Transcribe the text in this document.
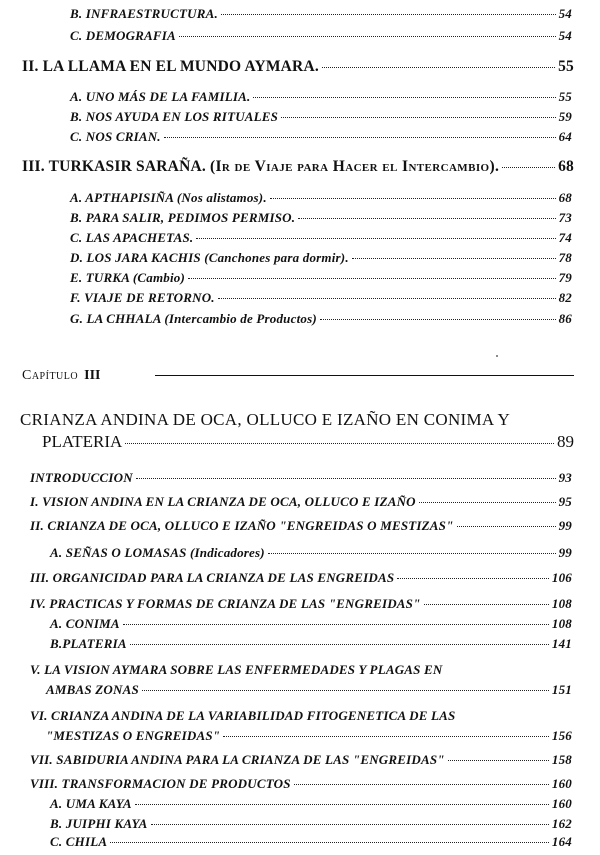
B. INFRAESTRUCTURA.	54
C. DEMOGRAFIA	54
II. LA LLAMA EN EL MUNDO AYMARA.	55
A. UNO MÁS DE LA FAMILIA.	55
B. NOS AYUDA EN LOS RITUALES	59
C. NOS CRIAN.	64
III. TURKASIR SARAÑA. (Ir de Viaje para Hacer el Intercambio).	68
A. APTHAPISIÑA (Nos alistamos).	68
B. PARA SALIR, PEDIMOS PERMISO.	73
C. LAS APACHETAS.	74
D. LOS JARA KACHIS (Canchones para dormir).	78
E. TURKA (Cambio)	79
F. VIAJE DE RETORNO.	82
G. LA CHHALA (Intercambio de Productos)	86
Capítulo III
CRIANZA ANDINA DE OCA, OLLUCO E IZAÑO EN CONIMA Y
PLATERIA	89
INTRODUCCION	93
I. VISION ANDINA EN LA CRIANZA DE OCA, OLLUCO E IZAÑO	95
II. CRIANZA DE OCA, OLLUCO E IZAÑO "ENGREIDAS O MESTIZAS"	99
A. SEÑAS O LOMASAS (Indicadores)	99
III. ORGANICIDAD PARA LA CRIANZA DE LAS ENGREIDAS	106
IV. PRACTICAS Y FORMAS DE CRIANZA DE LAS "ENGREIDAS"	108
A. CONIMA	108
B.PLATERIA	141
V. LA VISION AYMARA SOBRE LAS ENFERMEDADES Y PLAGAS EN
AMBAS ZONAS	151
VI. CRIANZA ANDINA DE LA VARIABILIDAD FITOGENETICA DE LAS
"MESTIZAS O ENGREIDAS"	156
VII. SABIDURIA ANDINA PARA LA CRIANZA DE LAS "ENGREIDAS"	158
VIII. TRANSFORMACION DE PRODUCTOS	160
A. UMA KAYA	160
B. JUIPHI KAYA	162
C. CHILA	164
